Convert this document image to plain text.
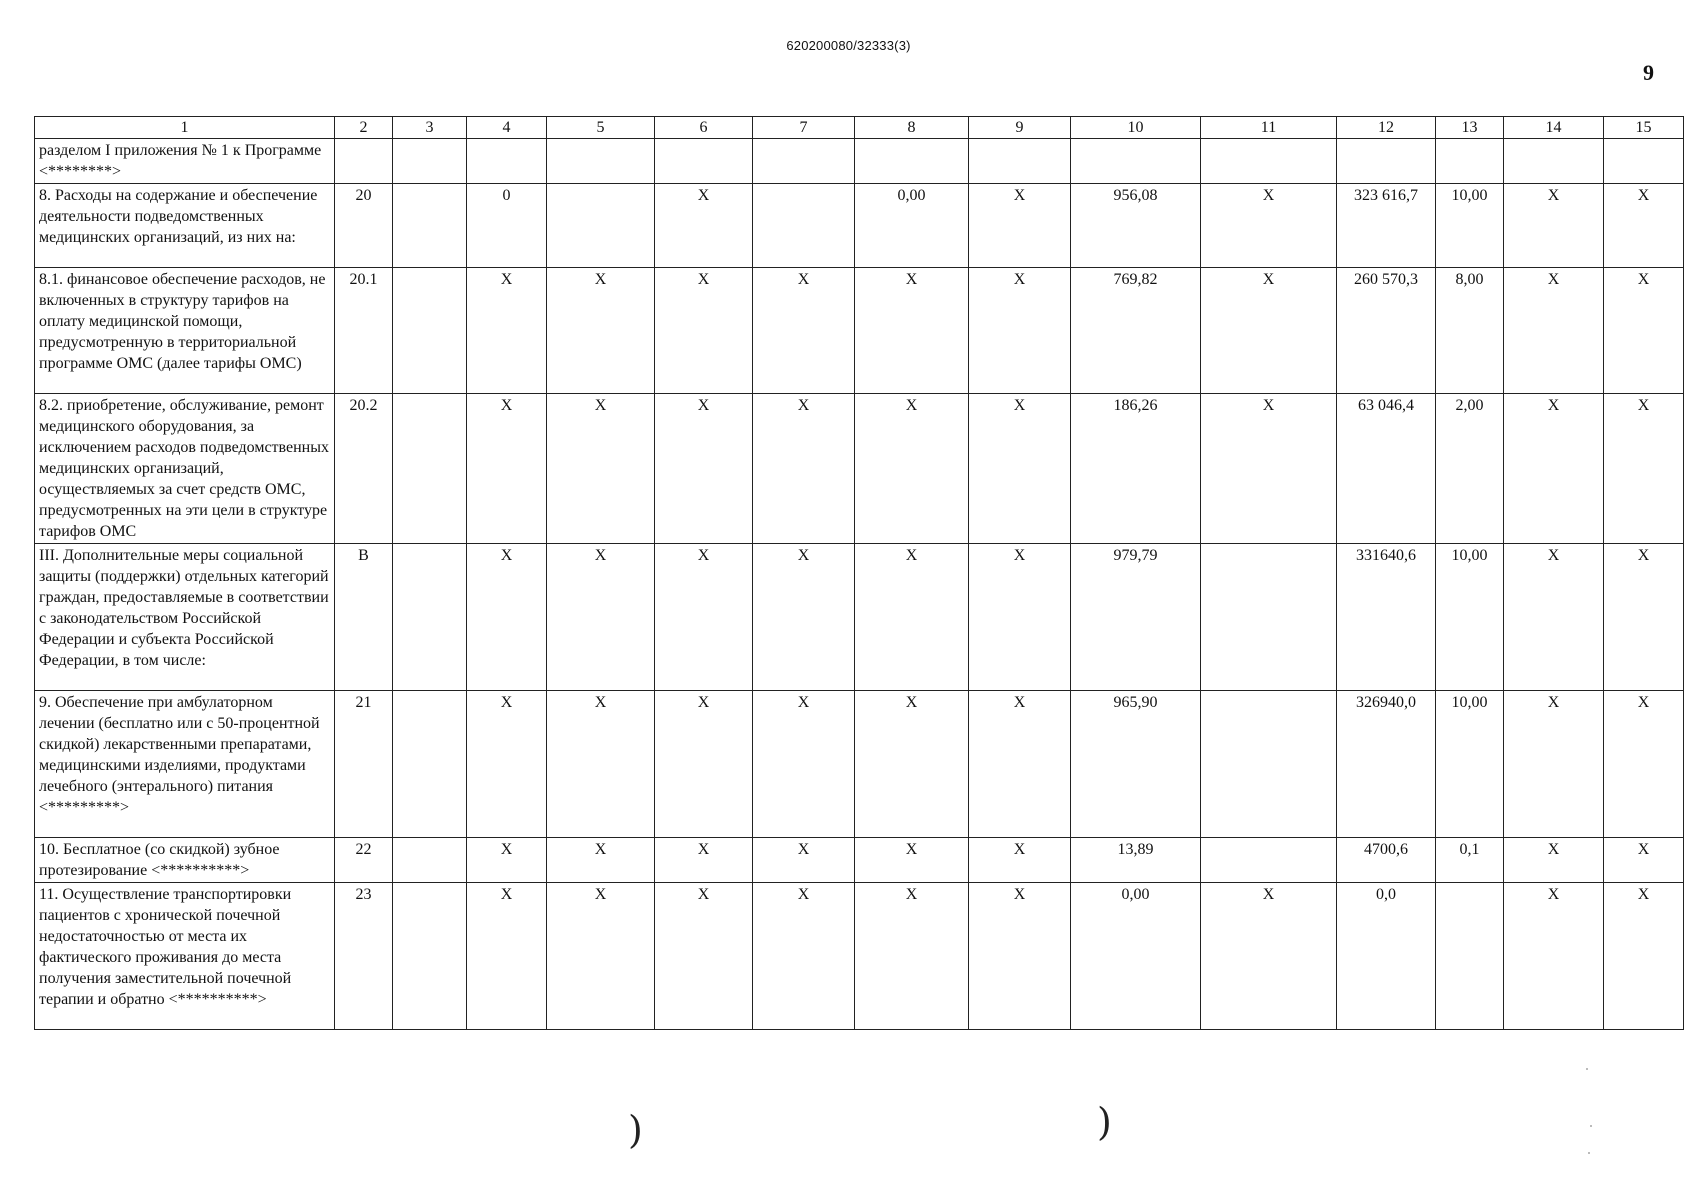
620200080/32333(3)
9
1	2	3	4	5	6	7	8	9	10	11	12	13	14	15
разделом I приложения № 1 к Программе <********>														
8. Расходы на содержание и обеспечение деятельности подведомственных медицинских организаций, из них на:	20		0		X		0,00	X	956,08	X	323 616,7	10,00	X	X
8.1. финансовое обеспечение расходов, не включенных в структуру тарифов на оплату медицинской помощи, предусмотренную в территориальной программе ОМС (далее тарифы ОМС)	20.1		X	X	X	X	X	X	769,82	X	260 570,3	8,00	X	X
8.2. приобретение, обслуживание, ремонт медицинского оборудования, за исключением расходов подведомственных медицинских организаций, осуществляемых за счет средств ОМС, предусмотренных на эти цели в структуре тарифов ОМС	20.2		X	X	X	X	X	X	186,26	X	63 046,4	2,00	X	X
III. Дополнительные меры социальной защиты (поддержки) отдельных категорий граждан, предоставляемые в соответствии с законодательством Российской Федерации и субъекта Российской Федерации, в том числе:	В		X	X	X	X	X	X	979,79		331640,6	10,00	X	X
9. Обеспечение при амбулаторном лечении (бесплатно или с 50-процентной скидкой) лекарственными препаратами, медицинскими изделиями, продуктами лечебного (энтерального) питания <*********>	21		X	X	X	X	X	X	965,90		326940,0	10,00	X	X
10. Бесплатное (со скидкой) зубное протезирование <**********>	22		X	X	X	X	X	X	13,89		4700,6	0,1	X	X
11. Осуществление транспортировки пациентов с хронической почечной недостаточностью от места их фактического проживания до места получения заместительной почечной терапии и обратно <**********>	23		X	X	X	X	X	X	0,00	X	0,0		X	X
)	)
